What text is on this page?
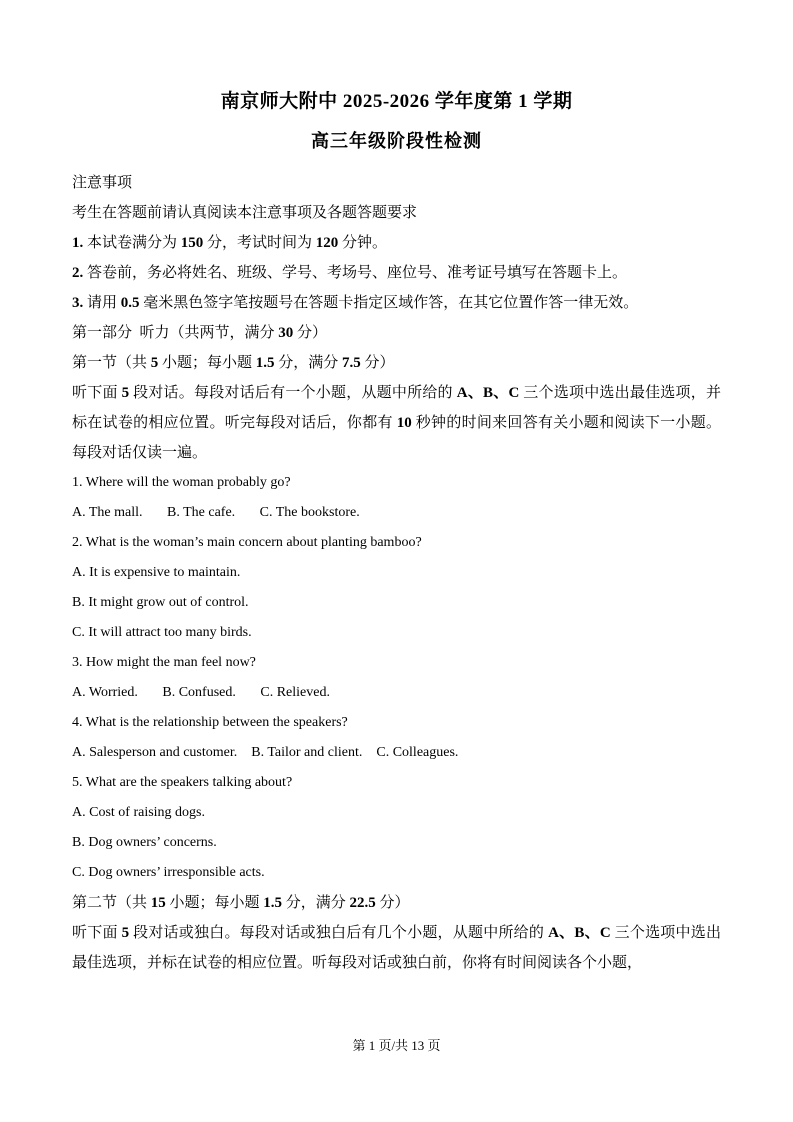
南京师大附中 2025-2026 学年度第 1 学期
高三年级阶段性检测

注意事项

考生在答题前请认真阅读本注意事项及各题答题要求

1. 本试卷满分为 150 分，考试时间为 120 分钟。

2. 答卷前，务必将姓名、班级、学号、考场号、座位号、准考证号填写在答题卡上。

3. 请用 0.5 毫米黑色签字笔按题号在答题卡指定区域作答，在其它位置作答一律无效。

第一部分  听力（共两节，满分 30 分）

第一节（共 5 小题；每小题 1.5 分，满分 7.5 分）

听下面 5 段对话。每段对话后有一个小题，从题中所给的 A、B、C 三个选项中选出最佳选项，并标在试卷的相应位置。听完每段对话后，你都有 10 秒钟的时间来回答有关小题和阅读下一小题。每段对话仅读一遍。

1. Where will the woman probably go?

A. The mall.       B. The cafe.       C. The bookstore.

2. What is the woman’s main concern about planting bamboo?

A. It is expensive to maintain.

B. It might grow out of control.

C. It will attract too many birds.

3. How might the man feel now?

A. Worried.       B. Confused.       C. Relieved.

4. What is the relationship between the speakers?

A. Salesperson and customer.    B. Tailor and client.    C. Colleagues.

5. What are the speakers talking about?

A. Cost of raising dogs.

B. Dog owners’ concerns.

C. Dog owners’ irresponsible acts.

第二节（共 15 小题；每小题 1.5 分，满分 22.5 分）

听下面 5 段对话或独白。每段对话或独白后有几个小题，从题中所给的 A、B、C 三个选项中选出最佳选项，并标在试卷的相应位置。听每段对话或独白前，你将有时间阅读各个小题，

第 1 页/共 13 页
